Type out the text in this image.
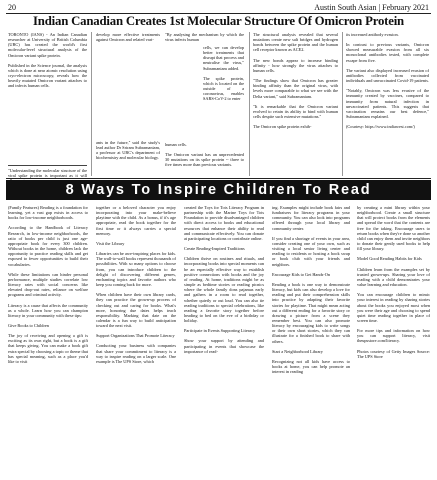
20	Austin South Asian | February 2021
Indian Canadian Creates 1st Molecular Structure Of Omicron Protein

TORONTO (IANS) - An Indian Canadian researcher at University of British Columbia (UBC) has created the world's first molecular-level structural analysis of the Omicron variant spike protein.

Published in the Science journal, the analysis which is done at near atomic resolution using cryo-electron microscopy, reveals how the heavily mutated Omicron variant attaches to and infects human cells.

"Understanding the molecular structure of the viral spike protein is important as it will

develop more effective treatments against Omicron and related vari-

ants in the future," said the study's lead author Dr Sriram Subramaniam, a professor at UBC's department of biochemistry and molecular biology.

"By analysing the mechanism by which the virus infects human

cells, we can develop better treatments that disrupt that process and neutralise the virus," Subramaniam added.

The spike protein, which is located on the outside of a coronavirus, enables SARS-CoV-2 to enter

human cells.

The Omicron variant has an unprecedented 30 mutations on its spike protein -- three to five times more than previous variants.

The structural analysis revealed that several mutations create new salt bridges and hydrogen bonds between the spike protein and the human cell receptor known as ACE2.

The new bonds appear to increase binding affinity - how strongly the virus attaches to human cells.

"The findings show that Omicron has greater binding affinity than the original virus, with levels more comparable to what we see with the Delta variant," said Subramaniam.

"It is remarkable that the Omicron variant evolved to retain its ability to bind with human cells despite such extensive mutations."

The Omicron spike protein exhib-

its increased antibody evasion.

In contrast to previous variants, Omicron showed measurable evasion from all six monoclonal antibodies tested, with complete escape from five.

The variant also displayed increased evasion of antibodies collected from vaccinated individuals and unvaccinated Covid-19 patients.

"Notably, Omicron was less evasive of the immunity created by vaccines, compared to immunity from natural infection in unvaccinated patients. This suggests that vaccination remains our best defence," Subramaniam explained.

(Courtesy: https://www.indiawest.com/)

8 Ways To Inspire Children To Read

(Family Features) Reading is a foundation for learning, yet a vast gap exists in access to books for low-income neighborhoods.

According to the Handbook of Literacy Research, in low-income neighborhoods, the ratio of books per child is just one age-appropriate book for every 300 children. Without books in the home, children lack the opportunity to practice reading skills and get exposed to fewer opportunities to build their vocabularies.

While these limitations can hinder personal performance, multiple studies correlate low literacy rates with social concerns like elevated drop-out rates, reliance on welfare programs and criminal activity.

Literacy is a cause that affects the community as a whole. Learn how you can champion literacy in your community with these tips:

Give Books to Children

The joy of receiving and opening a gift is exciting as its own right, but a book is a gift that keeps giving. You can make a book gift extra special by choosing a topic or theme that has special meaning, such as a place you'd like to visit

together or a beloved character you enjoy incorporating into your make-believe playtime with the child. As a bonus, if it's age appropriate, read the book together for the first time or it always carries a special memory.

Visit the Library

Libraries can be awe-inspiring places for kids. The wall-to-wall books represent thousands of possibilities. With so many options to choose from, you can introduce children to the delight of discovering different genres, enchanting topics and favorite authors who keep you coming back for more.

When children have their own library cards, they can practice the grown-up process of checking out and caring for books. What's more, honoring due dates helps teach responsibility. Marking that date on the calendar is a fun way to build anticipation toward the next visit.

Support Organizations That Promote Literacy

Conducting your business with companies that share your commitment to literacy is a way to inspire reading on a larger scale. One example is The UPS Store, which

created the Toys for Tots Literacy Program in partnership with the Marine Toys for Tots Foundation to provide disadvantaged children with direct access to books and educational resources that enhance their ability to read and communicate effectively. You can donate at participating locations or contribute online.

Create Reading-Inspired Traditions

Children thrive on routines and rituals, and incorporating books into special moments can be an especially effective way to establish positive connections with books and the joy of reading. At home, traditions might be as simple as bedtime stories or reading picnics where the whole family dons pajamas early and gathers in a room to read together, whether quietly or out loud. You can also tie reading traditions to special celebrations, like reading a favorite story together before heading to bed on the eve of a birthday or holiday.

Participate in Events Supporting Literacy

Show your support by attending and participating in events that showcase the importance of read-

ing. Examples might include book fairs and fundraisers for literacy programs in your community. You can also look into programs offered through your local library and community center.

If you find a shortage of events in your area, consider creating one of your own, such as visiting a local senior living center and reading to residents or hosting a book swap or book club with your friends and neighbors.

Encourage Kids to Get Hands-On

Reading a book is one way to demonstrate literacy, but kids can also develop a love for reading and put their comprehension skills into practice by adapting their favorite stories for playtime. That might mean acting out a different ending for a favorite story or drawing a picture from a scene they remember best. You can also promote literacy by encouraging kids to write songs or their own short stories, which they can illustrate for a finished book to share with others.

Start a Neighborhood Library

Recognizing not all kids have access to books at home, you can help promote an interest in reading

by creating a mini library within your neighborhood. Create a small structure that will protect books from the elements and spread the word that the contents are free for the taking. Encourage users to return books when they're done so another child can enjoy them and invite neighbors to donate their gently used books to help fill your library.

Model Good Reading Habits for Kids

Children learn from the examples set by trusted grown-ups. Sharing your love of reading with a child demonstrates your value learning and education.

You can encourage children to mimic your interest in reading by sharing stories about the books you enjoyed most when you were their age and choosing to spend quiet time reading together in place of screen time.

For more tips and information on how you can support literacy, visit theupsstore.com/literacy.

Photos courtesy of Getty Images Source: The UPS Store
